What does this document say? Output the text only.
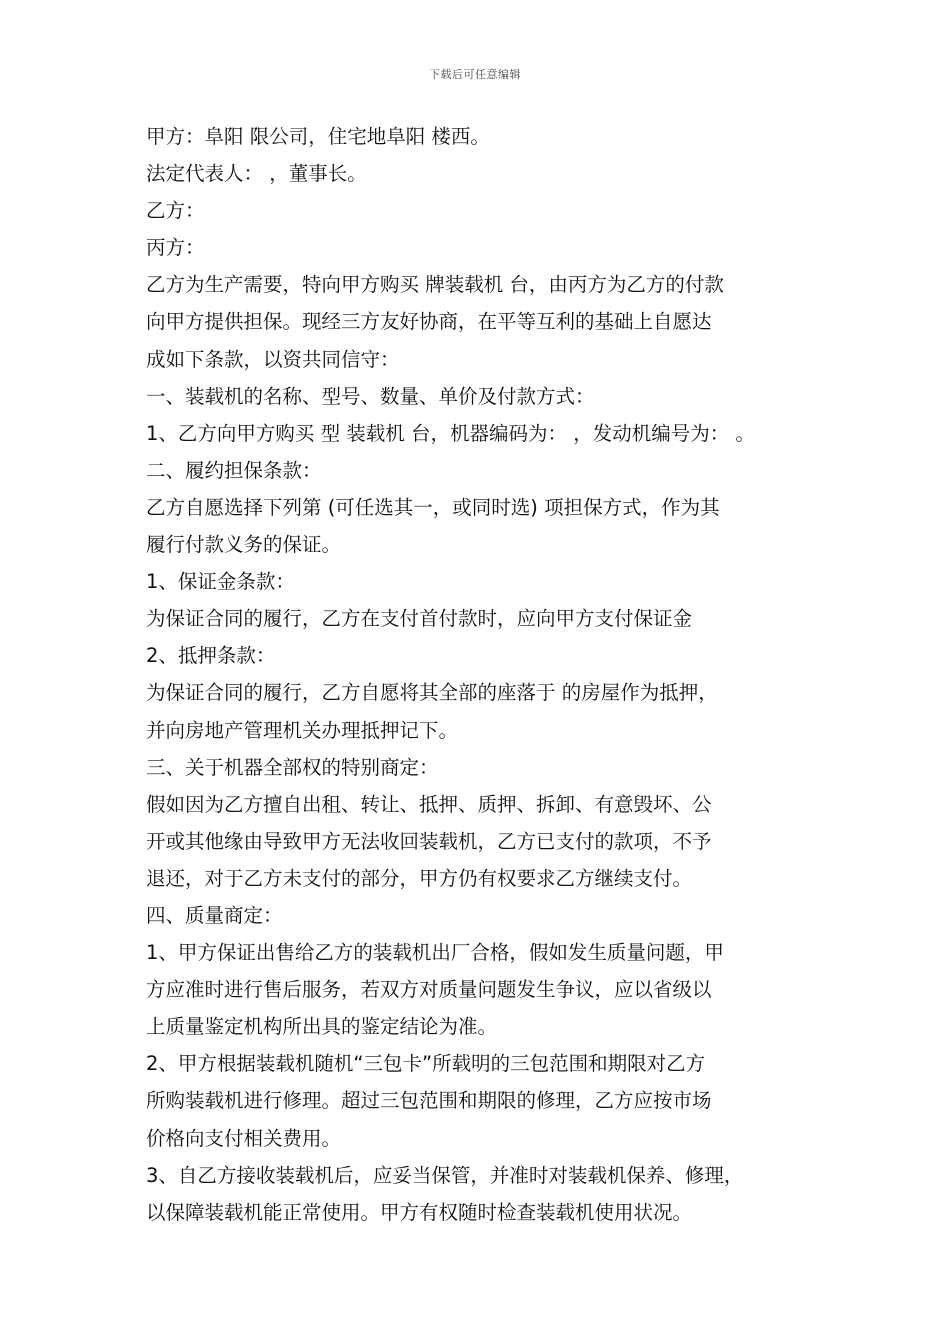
下载后可任意编辑
甲方：阜阳 限公司，住宅地阜阳 楼西。
法定代表人： ，董事长。
乙方：
丙方：
乙方为生产需要，特向甲方购买 牌装载机 台，由丙方为乙方的付款
向甲方提供担保。现经三方友好协商，在平等互利的基础上自愿达
成如下条款，以资共同信守：
一、装载机的名称、型号、数量、单价及付款方式：
1、乙方向甲方购买 型 装载机 台，机器编码为： ，发动机编号为： 。
二、履约担保条款：
乙方自愿选择下列第 (可任选其一，或同时选) 项担保方式，作为其
履行付款义务的保证。
1、保证金条款：
为保证合同的履行，乙方在支付首付款时，应向甲方支付保证金
2、抵押条款：
为保证合同的履行，乙方自愿将其全部的座落于 的房屋作为抵押，
并向房地产管理机关办理抵押记下。
三、关于机器全部权的特别商定：
假如因为乙方擅自出租、转让、抵押、质押、拆卸、有意毁坏、公
开或其他缘由导致甲方无法收回装载机，乙方已支付的款项，不予
退还，对于乙方未支付的部分，甲方仍有权要求乙方继续支付。
四、质量商定：
1、甲方保证出售给乙方的装载机出厂合格，假如发生质量问题，甲
方应准时进行售后服务，若双方对质量问题发生争议，应以省级以
上质量鉴定机构所出具的鉴定结论为准。
2、甲方根据装载机随机“三包卡”所载明的三包范围和期限对乙方
所购装载机进行修理。超过三包范围和期限的修理，乙方应按市场
价格向支付相关费用。
3、自乙方接收装载机后，应妥当保管，并准时对装载机保养、修理，
以保障装载机能正常使用。甲方有权随时检查装载机使用状况。
